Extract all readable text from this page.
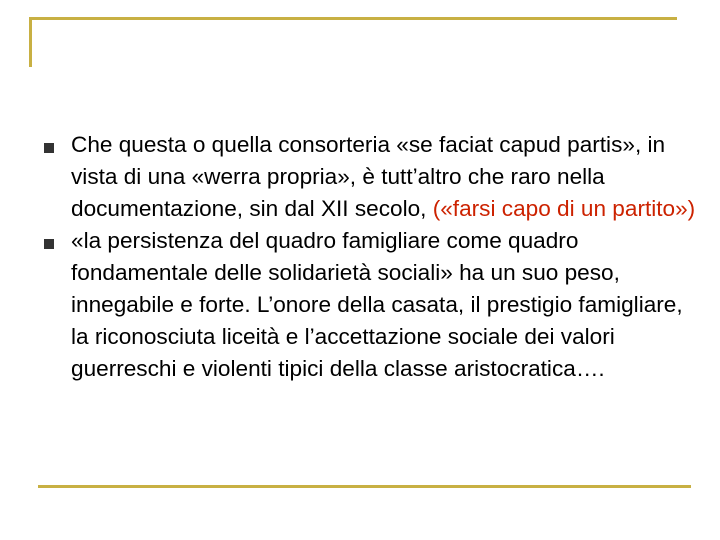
Che questa o quella consorteria «se faciat capud partis», in vista di una «werra propria», è tutt’altro che raro nella documentazione, sin dal XII secolo, («farsi capo di un partito»)
«la persistenza del quadro famigliare come quadro fondamentale delle solidarietà sociali» ha un suo peso, innegabile e forte. L’onore della casata, il prestigio famigliare, la riconosciuta liceità e l’accettazione sociale dei valori guerreschi e violenti tipici della classe aristocratica….
